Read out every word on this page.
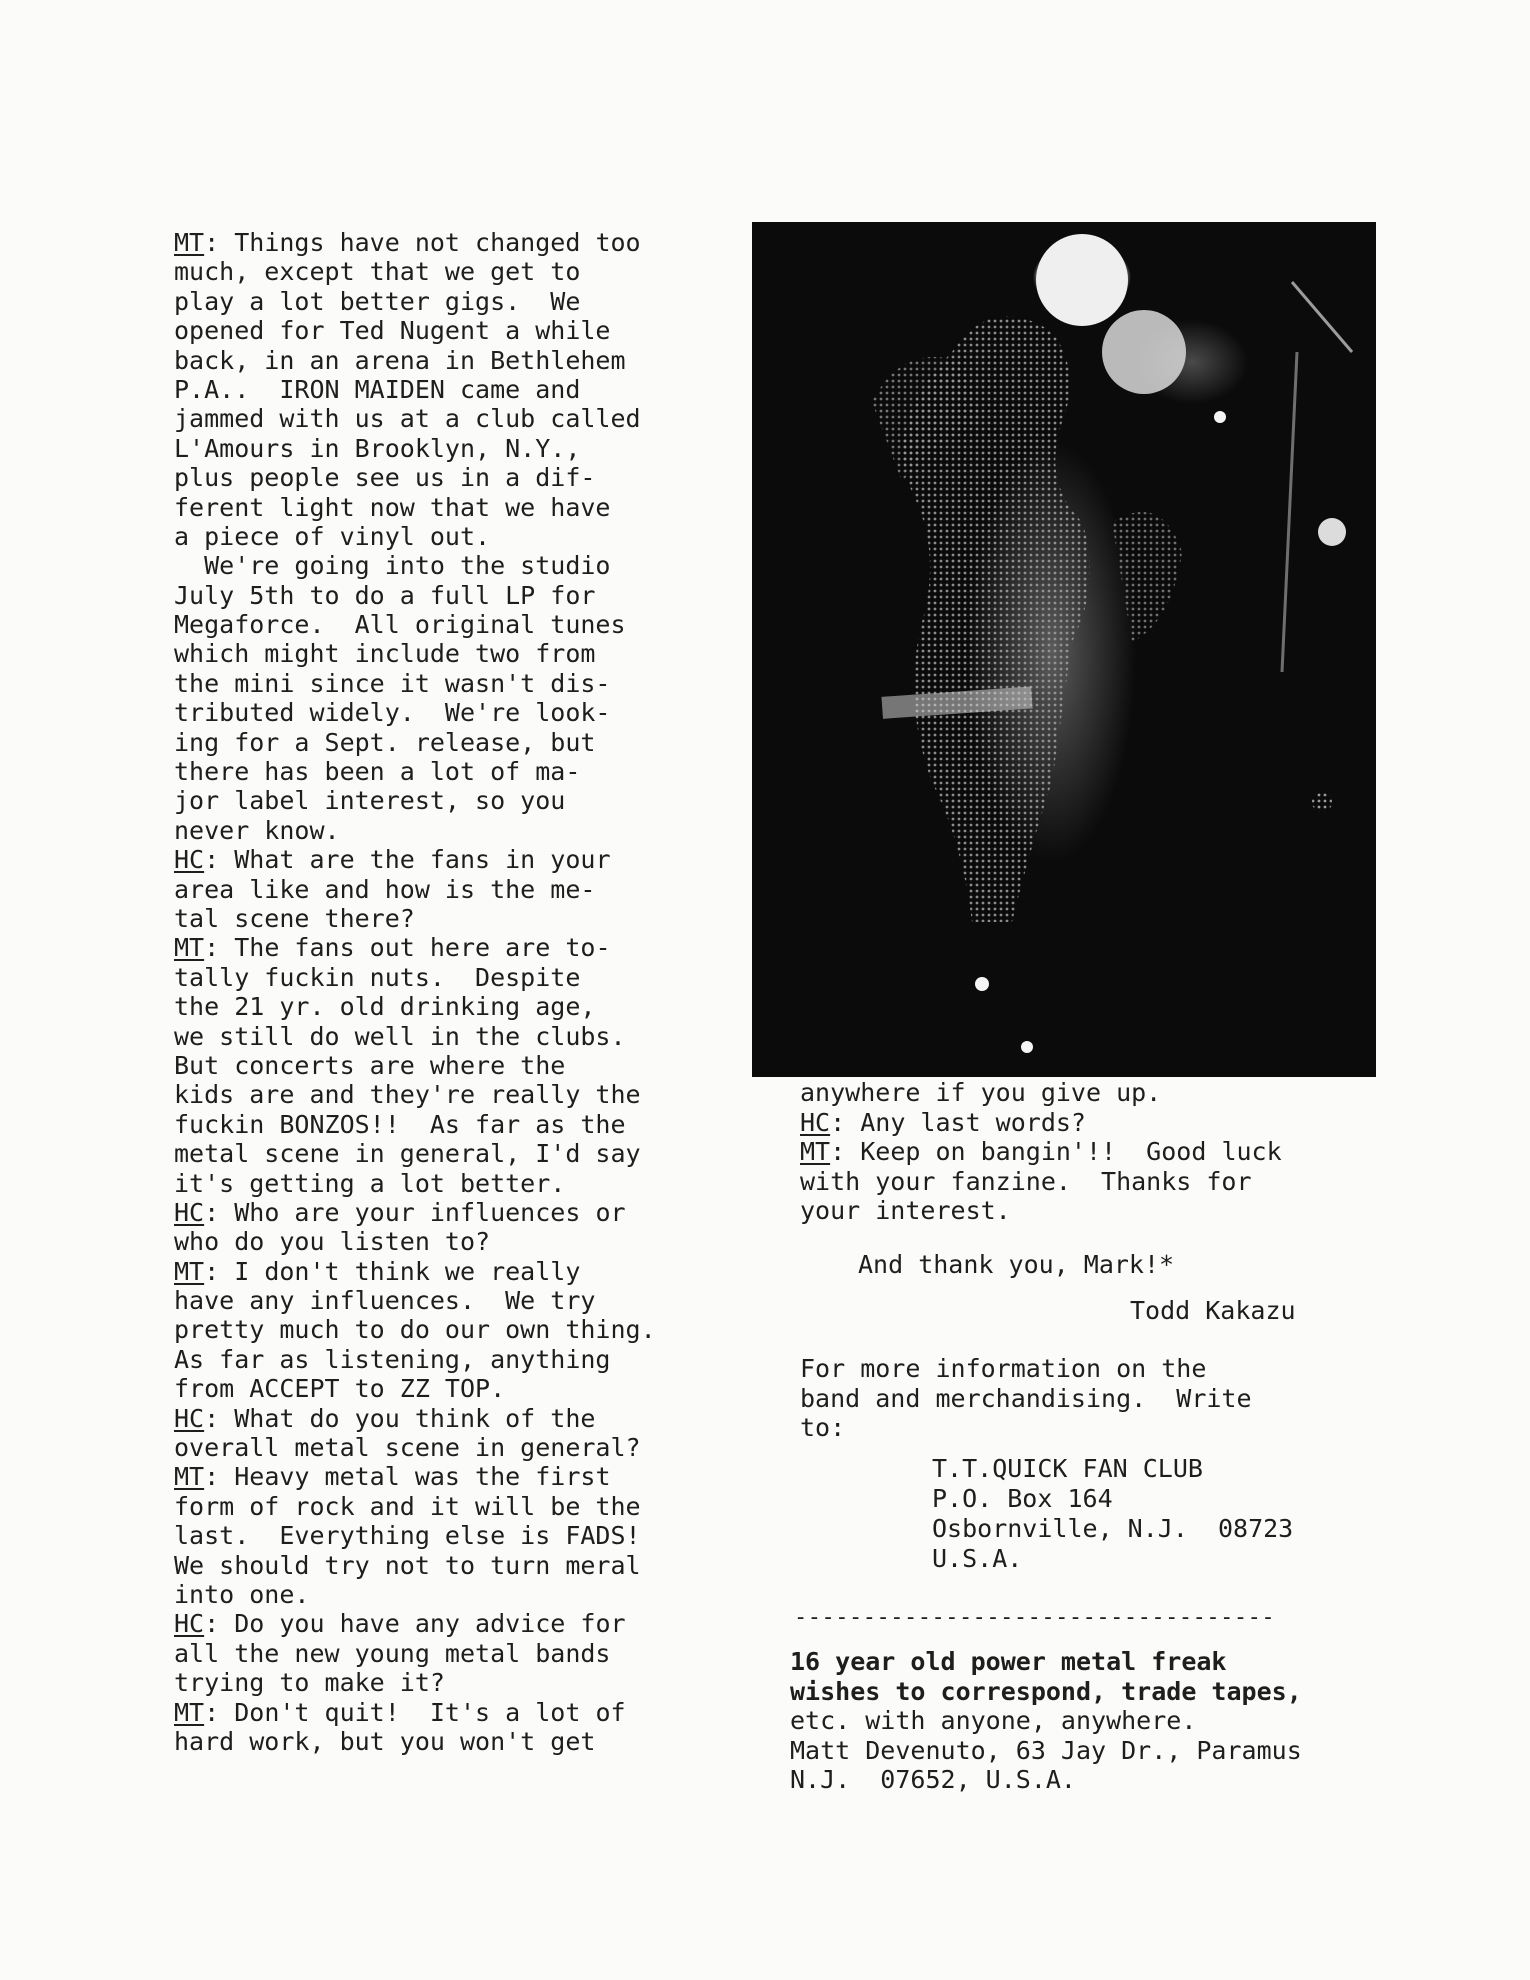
MT: Things have not changed too
much, except that we get to
play a lot better gigs.  We
opened for Ted Nugent a while
back, in an arena in Bethlehem
P.A..  IRON MAIDEN came and
jammed with us at a club called
L'Amours in Brooklyn, N.Y.,
plus people see us in a dif-
ferent light now that we have
a piece of vinyl out.
We're going into the studio
July 5th to do a full LP for
Megaforce.  All original tunes
which might include two from
the mini since it wasn't dis-
tributed widely.  We're look-
ing for a Sept. release, but
there has been a lot of ma-
jor label interest, so you
never know.
HC: What are the fans in your
area like and how is the me-
tal scene there?
MT: The fans out here are to-
tally fuckin nuts.  Despite
the 21 yr. old drinking age,
we still do well in the clubs.
But concerts are where the
kids are and they're really the
fuckin BONZOS!!  As far as the
metal scene in general, I'd say
it's getting a lot better.
HC: Who are your influences or
who do you listen to?
MT: I don't think we really
have any influences.  We try
pretty much to do our own thing.
As far as listening, anything
from ACCEPT to ZZ TOP.
HC: What do you think of the
overall metal scene in general?
MT: Heavy metal was the first
form of rock and it will be the
last.  Everything else is FADS!
We should try not to turn meral
into one.
HC: Do you have any advice for
all the new young metal bands
trying to make it?
MT: Don't quit!  It's a lot of
hard work, but you won't get
anywhere if you give up.
HC: Any last words?
MT: Keep on bangin'!!  Good luck
with your fanzine.  Thanks for
your interest.
And thank you, Mark!*
Todd Kakazu
For more information on the
band and merchandising.  Write
to:
T.T.QUICK FAN CLUB
P.O. Box 164
Osbornville, N.J.  08723
U.S.A.
-----------------------------------
16 year old power metal freak
wishes to correspond, trade tapes,
etc. with anyone, anywhere.
Matt Devenuto, 63 Jay Dr., Paramus
N.J.  07652, U.S.A.
